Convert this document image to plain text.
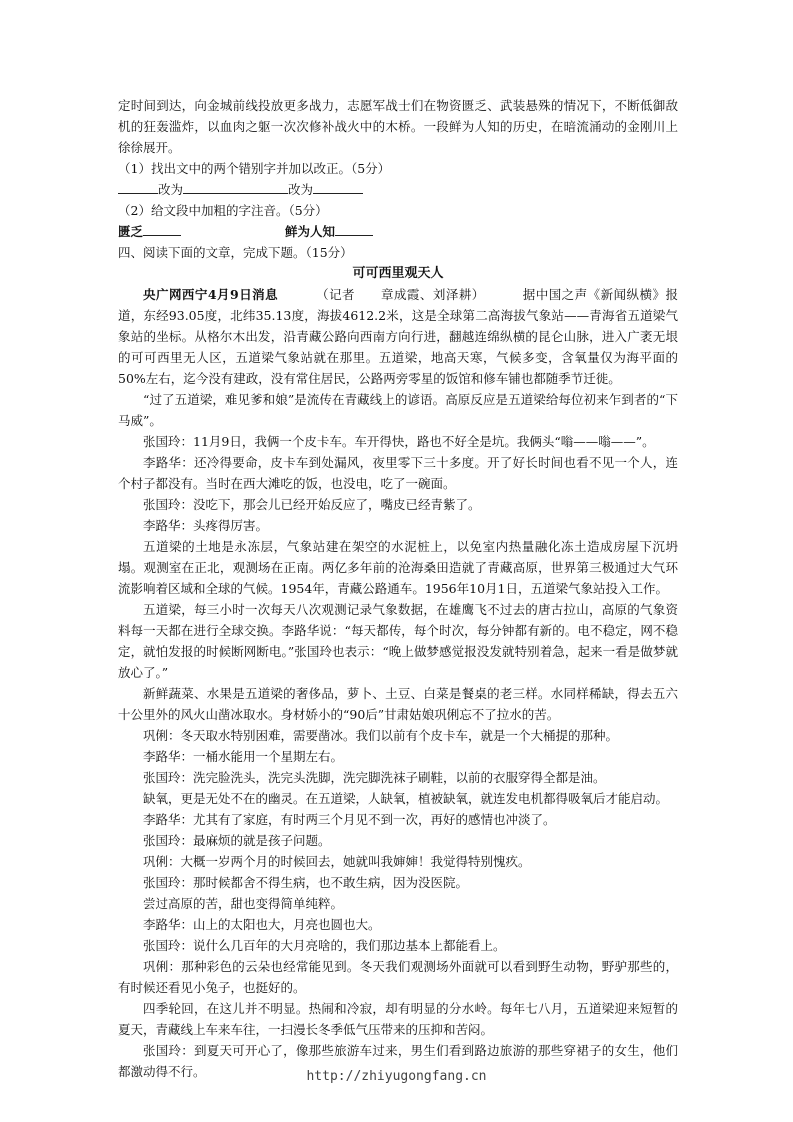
定时间到达，向金城前线投放更多战力，志愿军战士们在物资匮乏、武装悬殊的情况下，不断低御敌机的狂轰滥炸，以血肉之躯一次次修补战火中的木桥。一段鲜为人知的历史，在暗流涌动的金刚川上徐徐展开。

（1）找出文中的两个错别字并加以改正。（5分）

改为	改为

（2）给文段中加粗的字注音。（5分）

匮乏	鲜为人知

四、阅读下面的文章，完成下题。（15分）

可可西里观天人

央广网西宁4月9日消息	（记者　　章成霞、刘泽耕）	据中国之声《新闻纵横》报道，东经93.05度，北纬35.13度，海拔4612.2米，这是全球第二高海拔气象站——青海省五道梁气象站的坐标。从格尔木出发，沿青藏公路向西南方向行进，翻越连绵纵横的昆仑山脉，进入广袤无垠的可可西里无人区，五道梁气象站就在那里。五道梁，地高天寒，气候多变，含氧量仅为海平面的50%左右，迄今没有建政，没有常住居民，公路两旁零星的饭馆和修车铺也都随季节迁徙。

“过了五道梁，难见爹和娘”是流传在青藏线上的谚语。高原反应是五道梁给每位初来乍到者的“下马威”。

张国玲：11月9日，我俩一个皮卡车。车开得快，路也不好全是坑。我俩头“嗡——嗡——”。

李路华：还冷得要命，皮卡车到处漏风，夜里零下三十多度。开了好长时间也看不见一个人，连个村子都没有。当时在西大滩吃的饭，也没电，吃了一碗面。

张国玲：没吃下，那会儿已经开始反应了，嘴皮已经青紫了。

李路华：头疼得厉害。

五道梁的土地是永冻层，气象站建在架空的水泥桩上，以免室内热量融化冻土造成房屋下沉坍塌。观测室在正北，观测场在正南。两亿多年前的沧海桑田造就了青藏高原，世界第三极通过大气环流影响着区域和全球的气候。1954年，青藏公路通车。1956年10月1日，五道梁气象站投入工作。

五道梁，每三小时一次每天八次观测记录气象数据，在雄鹰飞不过去的唐古拉山，高原的气象资料每一天都在进行全球交换。李路华说：“每天都传，每个时次，每分钟都有新的。电不稳定，网不稳定，就怕发报的时候断网断电。”张国玲也表示：“晚上做梦感觉报没发就特别着急，起来一看是做梦就放心了。”

新鲜蔬菜、水果是五道梁的奢侈品，萝卜、土豆、白菜是餐桌的老三样。水同样稀缺，得去五六十公里外的风火山凿冰取水。身材娇小的“90后”甘肃姑娘巩俐忘不了拉水的苦。

巩俐：冬天取水特别困难，需要凿冰。我们以前有个皮卡车，就是一个大桶提的那种。

李路华：一桶水能用一个星期左右。

张国玲：洗完脸洗头，洗完头洗脚，洗完脚洗袜子刷鞋，以前的衣服穿得全都是油。

缺氧，更是无处不在的幽灵。在五道梁，人缺氧，植被缺氧，就连发电机都得吸氧后才能启动。

李路华：尤其有了家庭，有时两三个月见不到一次，再好的感情也冲淡了。

张国玲：最麻烦的就是孩子问题。

巩俐：大概一岁两个月的时候回去，她就叫我婶婶！我觉得特别愧疚。

张国玲：那时候都舍不得生病，也不敢生病，因为没医院。

尝过高原的苦，甜也变得简单纯粹。

李路华：山上的太阳也大，月亮也圆也大。

张国玲：说什么几百年的大月亮啥的，我们那边基本上都能看上。

巩俐：那种彩色的云朵也经常能见到。冬天我们观测场外面就可以看到野生动物，野驴那些的，有时候还看见小兔子，也挺好的。

四季轮回，在这儿并不明显。热闹和冷寂，却有明显的分水岭。每年七八月，五道梁迎来短暂的夏天，青藏线上车来车往，一扫漫长冬季低气压带来的压抑和苦闷。

张国玲：到夏天可开心了，像那些旅游车过来，男生们看到路边旅游的那些穿裙子的女生，他们都激动得不行。	http://zhiyugongfang.cn
